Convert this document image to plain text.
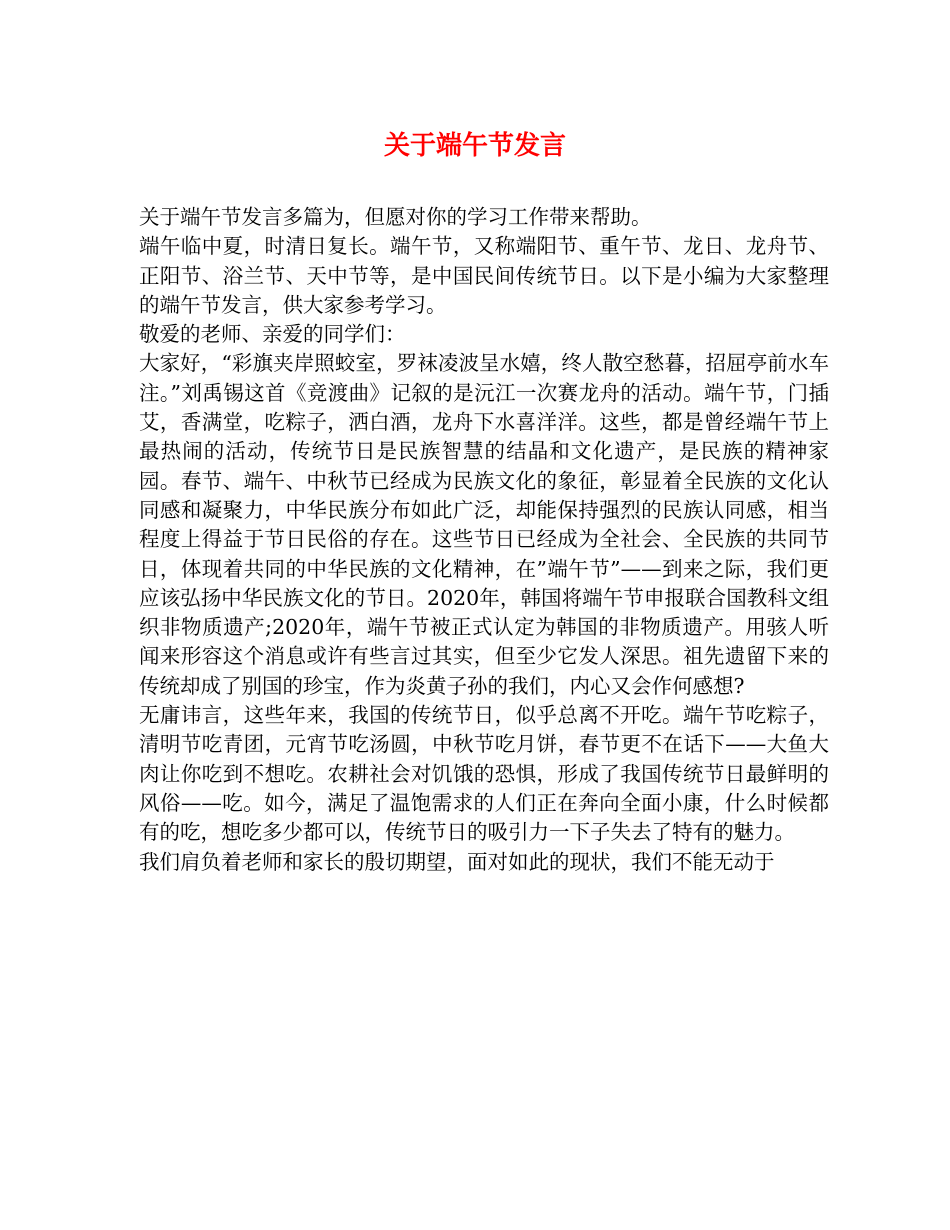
关于端午节发言

关于端午节发言多篇为，但愿对你的学习工作带来帮助。

端午临中夏，时清日复长。端午节，又称端阳节、重午节、龙日、龙舟节、正阳节、浴兰节、天中节等，是中国民间传统节日。以下是小编为大家整理的端午节发言，供大家参考学习。

敬爱的老师、亲爱的同学们：

大家好，“彩旗夹岸照蛟室，罗袜凌波呈水嬉，终人散空愁暮，招屈亭前水车注。”刘禹锡这首《竞渡曲》记叙的是沅江一次赛龙舟的活动。端午节，门插艾，香满堂，吃粽子，洒白酒，龙舟下水喜洋洋。这些，都是曾经端午节上最热闹的活动，传统节日是民族智慧的结晶和文化遗产，是民族的精神家园。春节、端午、中秋节已经成为民族文化的象征，彰显着全民族的文化认同感和凝聚力，中华民族分布如此广泛，却能保持强烈的民族认同感，相当程度上得益于节日民俗的存在。这些节日已经成为全社会、全民族的共同节日，体现着共同的中华民族的文化精神，在”端午节”——到来之际，我们更应该弘扬中华民族文化的节日。2020年，韩国将端午节申报联合国教科文组织非物质遗产;2020年，端午节被正式认定为韩国的非物质遗产。用骇人听闻来形容这个消息或许有些言过其实，但至少它发人深思。祖先遗留下来的传统却成了别国的珍宝，作为炎黄子孙的我们，内心又会作何感想?

无庸讳言，这些年来，我国的传统节日，似乎总离不开吃。端午节吃粽子，清明节吃青团，元宵节吃汤圆，中秋节吃月饼，春节更不在话下——大鱼大肉让你吃到不想吃。农耕社会对饥饿的恐惧，形成了我国传统节日最鲜明的风俗——吃。如今，满足了温饱需求的人们正在奔向全面小康，什么时候都有的吃，想吃多少都可以，传统节日的吸引力一下子失去了特有的魅力。

我们肩负着老师和家长的殷切期望，面对如此的现状，我们不能无动于
